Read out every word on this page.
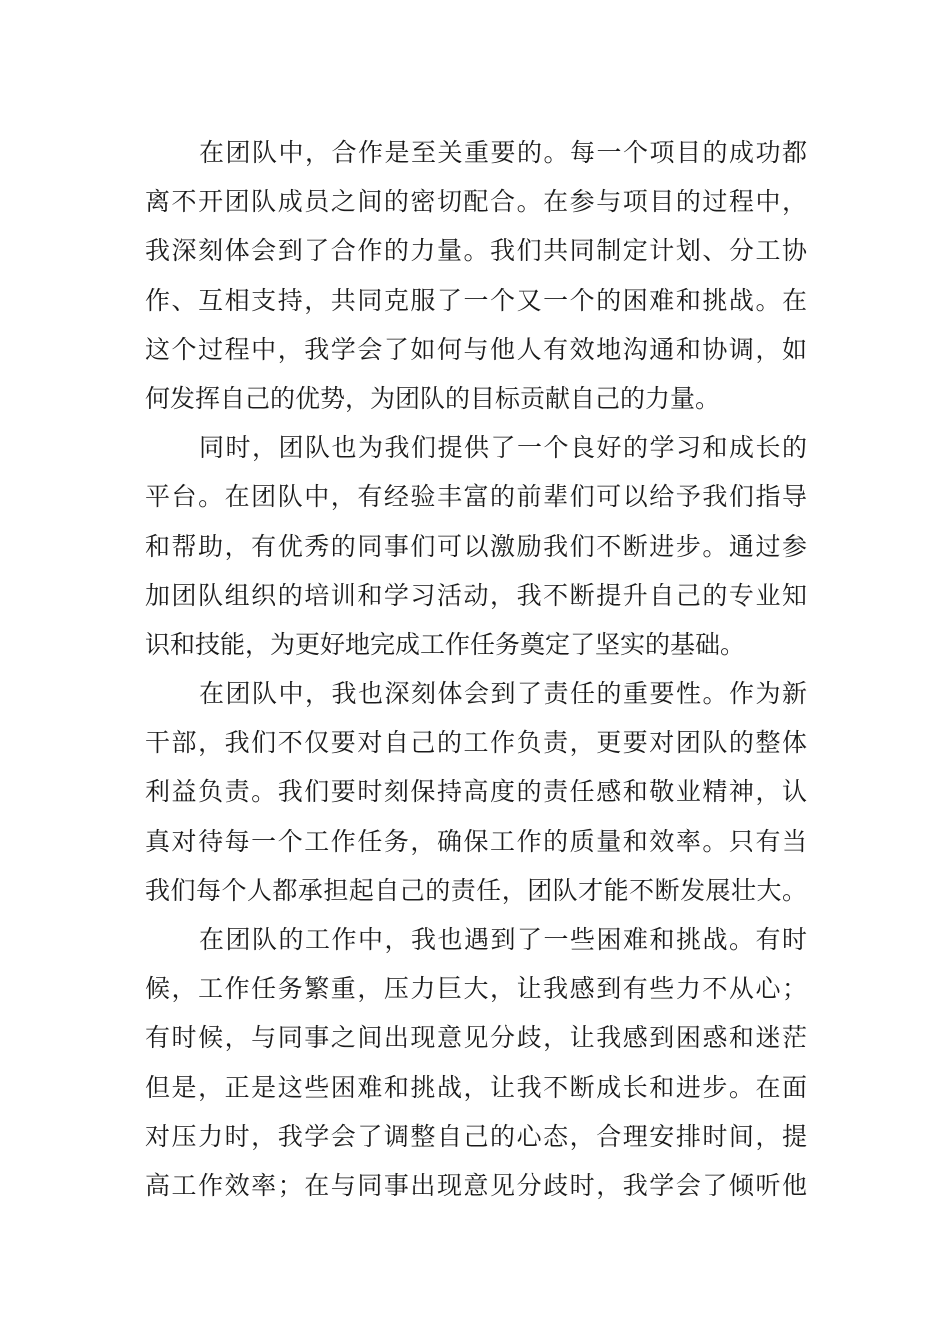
在团队中，合作是至关重要的。每一个项目的成功都
离不开团队成员之间的密切配合。在参与项目的过程中，
我深刻体会到了合作的力量。我们共同制定计划、分工协
作、互相支持，共同克服了一个又一个的困难和挑战。在
这个过程中，我学会了如何与他人有效地沟通和协调，如
何发挥自己的优势，为团队的目标贡献自己的力量。
同时，团队也为我们提供了一个良好的学习和成长的
平台。在团队中，有经验丰富的前辈们可以给予我们指导
和帮助，有优秀的同事们可以激励我们不断进步。通过参
加团队组织的培训和学习活动，我不断提升自己的专业知
识和技能，为更好地完成工作任务奠定了坚实的基础。
在团队中，我也深刻体会到了责任的重要性。作为新
干部，我们不仅要对自己的工作负责，更要对团队的整体
利益负责。我们要时刻保持高度的责任感和敬业精神，认
真对待每一个工作任务，确保工作的质量和效率。只有当
我们每个人都承担起自己的责任，团队才能不断发展壮大。
在团队的工作中，我也遇到了一些困难和挑战。有时
候，工作任务繁重，压力巨大，让我感到有些力不从心；
有时候，与同事之间出现意见分歧，让我感到困惑和迷茫
但是，正是这些困难和挑战，让我不断成长和进步。在面
对压力时，我学会了调整自己的心态，合理安排时间，提
高工作效率；在与同事出现意见分歧时，我学会了倾听他
